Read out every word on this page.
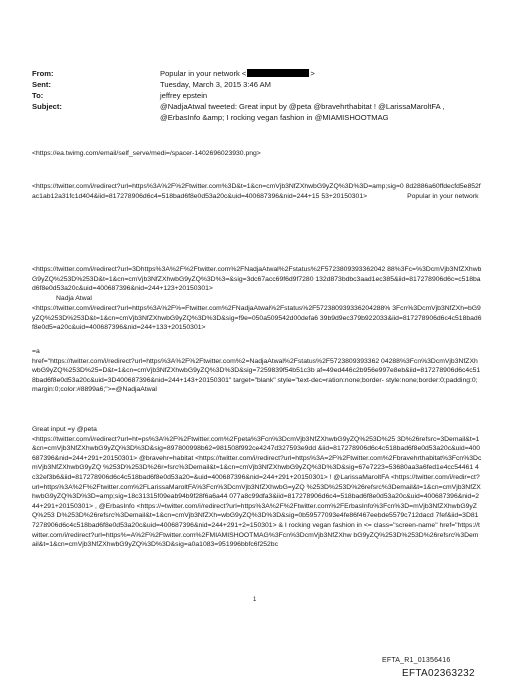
From:	Popular in your network <	>
Sent:	Tuesday, March 3, 2015 3:46 AM
To:	jeffrey epstein
Subject:	@NadjaAtwal tweeted: Great input by @peta @bravehrthabitat ! @LarissaMaroltFA ,
@ErbasInfo &amp; I rocking vegan fashion in @MIAMISHOOTMAG
<https://ea.twimg.com/email/self_serve/medi=/spacer-1402696023930.png>
<https://twitter.com/i/redirect?url=https%3A%2F%2Ftwitter.com%3D&t=1&cn=cmVjb3NfZXhwbG9yZQ%3D%3D=amp;sig=0 8d2886a60ffdecfd5e852fac1ab12a31fc1d404&iid=817278906d6c4=518bad6f8e0d53a20c&uid=400687396&nid=244+15 53+20150301>	Popular in your network
<https://twitter.com/i/redirect?url=3Dhttps%3A%2F%2Ftwitter.com%2FNadjaAtwal%2Fstatus%2F5723809393362042 88%3Fc=%3DcmVjb3NfZXhwbG9yZQ%253D%253D&t=1&cn=cmVjb3NfZXhwbG9yZQ%3D%3=&sig=3dc67acc69f6d9f7280 132d873bdbc3aad1ec385&iid=817278906d6c=c518bad6f8e0d53a20c&uid=400687396&nid=244+123+20150301>
Nadja Atwal
<https://twitter.com/i/redirect?url=https%3A%2F%=Ftwitter.com%2FNadjaAtwal%2Fstatus%2F572380939336204288% 3Fcn%3DcmVjb3NfZXh=bG9yZQ%253D%253D&t=1&cn=cmVjb3NfZXhwbG9yZQ%3D%3D&sig=f9e=050a509542d00defa6 39b9d9ec379b922033&iid=817278906d6c4c518bad6f8e0d5=a20c&uid=400687396&nid=244+133+20150301>
=a
href="https://twitter.com/i/redirect?url=https%3A%2F%2Ftwitter.com%2=NadjaAtwal%2Fstatus%2F5723809393362 04288%3Fcn%3DcmVjb3NfZXhwbG9yZQ%253D%25=D&t=1&cn=cmVjb3NfZXhwbG9yZQ%3D%3D&sig=7259839f54b51c3b af=49ed446c2b956e997e8eb&iid=817278906d6c4c518bad6f8e0d53a20c&uid=3D400687396&nid=244+143+20150301" target="blank" style="text-dec=ration:none;border- style:none;border:0;padding:0;margin:0;color:#8899a6;">=@NadjaAtwal
Great input =y @peta
<https://twitter.com/i/redirect?url=ht=ps%3A%2F%2Ftwitter.com%2Fpeta%3Fcn%3DcmVjb3NfZXhwbG9yZQ%253D%25 3D%26refsrc=3Demail&t=1&cn=cmVjb3NfZXhwbG9yZQ%3D%3D&sig=897800998b62=981508f992ce4247d327593e9dd &iid=817278906d6c4c518bad6f8e0d53a20c&uid=400687396&nid=244+291+20150301> @bravehr=habitat <https://twitter.com/i/redirect?url=https%3A=2F%2Ftwitter.com%2Fbravehrthabitat%3Fcn%3DcmVjb3NfZXhwbG9yZQ %253D%253D%26r=fsrc%3Demail&t=1&cn=cmVjb3NfZXhwbG9yZQ%3D%3D&sig=67e7223=53680aa3a6fed1e4cc54461 4c32ef3b6&iid=817278906d6c4c518bad6f8e0d53a20=&uid=400687396&nid=244+291+20150301> ! @LarissaMaroltFA <https://twitter.com/i/redir=ct?url=https%3A%2F%2Ftwitter.com%2FLarissaMaroltFA%3Fcn%3DcmVjb3NfZXhwbG=yZQ %253D%253D%26refsrc%3Demail&t=1&cn=cmVjb3NfZXhwbG9yZQ%3D%3D=amp;sig=18c31315f09eab94b9f28f6a6a44 077a8c99dfa3&iid=817278906d6c4=518bad6f8e0d53a20c&uid=400687396&nid=244+291+20150301> , @ErbasInfo <https://=twitter.com/i/redirect?url=https%3A%2F%2Ftwitter.com%2FErbasInfo%3Fcn%3D=mVjb3NfZXhwbG9yZQ%253 D%253D%26refsrc%3Demail&t=1&cn=cmVjb3NfZXh=wbG9yZQ%3D%3D&sig=0b59577093e4fe86f467eebde5579c712dacd 7fef&iid=3D817278906d6c4c518bad6f8e0d53a20c&uid=400687396&nid=244+291+2=150301> & I rocking vegan fashion in <= class="screen-name" href="https://twitter.com/i/redirect?url=https%=A%2F%2Ftwitter.com%2FMIAMISHOOTMAG%3Fcn%3DcmVjb3NfZXhw bG9yZQ%253D%253D%26refsrc%3Demail&t=1&cn=cmVjb3NfZXhwbG9yZQ%3D%3D&sig=a0a1083=951996bbfc6f252bc
1
EFTA_R1_01356416
EFTA02363232
